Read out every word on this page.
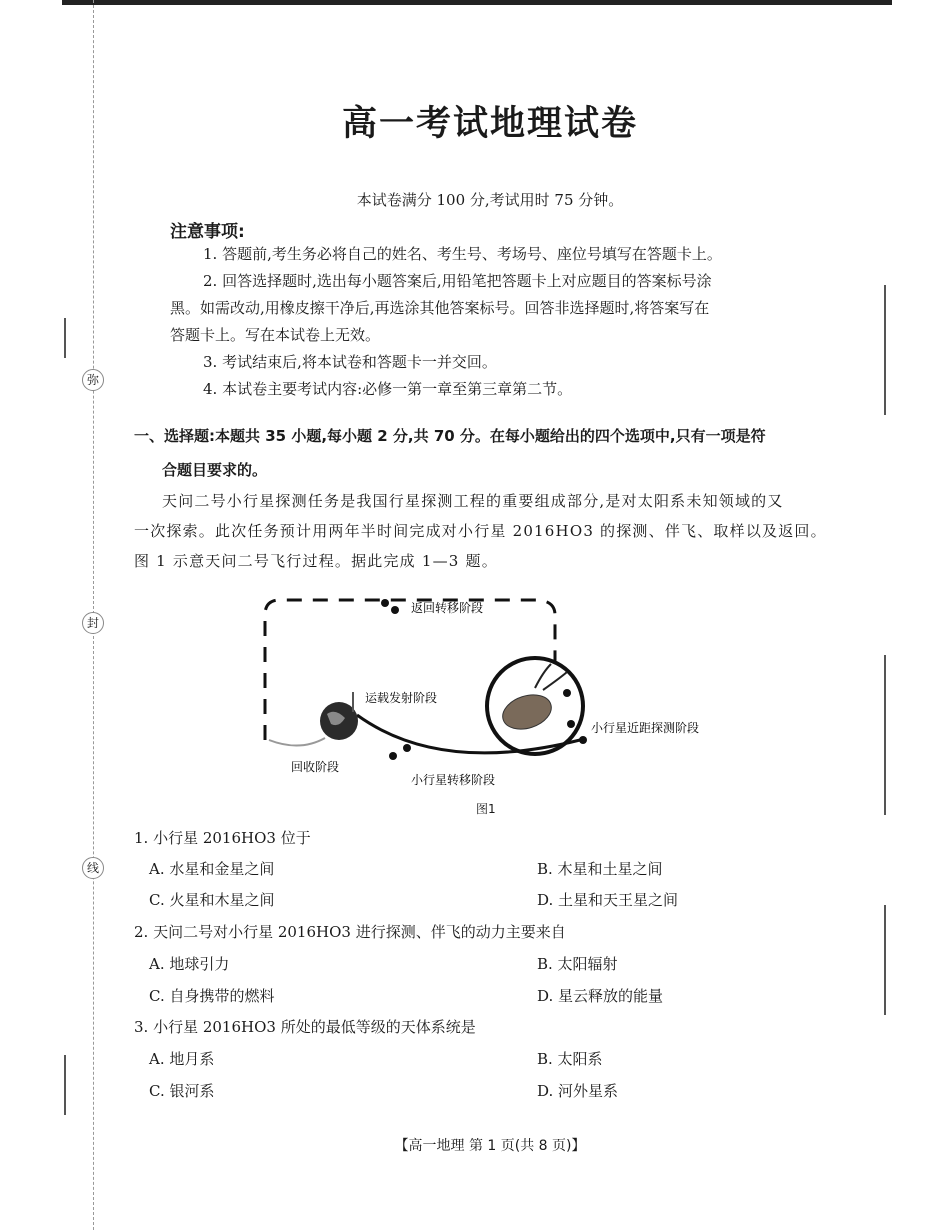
弥
封
线
高一考试地理试卷
本试卷满分 100 分,考试用时 75 分钟。
注意事项:
1. 答题前,考生务必将自己的姓名、考生号、考场号、座位号填写在答题卡上。
2. 回答选择题时,选出每小题答案后,用铅笔把答题卡上对应题目的答案标号涂
黑。如需改动,用橡皮擦干净后,再选涂其他答案标号。回答非选择题时,将答案写在
答题卡上。写在本试卷上无效。
3. 考试结束后,将本试卷和答题卡一并交回。
4. 本试卷主要考试内容:必修一第一章至第三章第二节。
一、选择题:本题共 35 小题,每小题 2 分,共 70 分。在每小题给出的四个选项中,只有一项是符
合题目要求的。
天问二号小行星探测任务是我国行星探测工程的重要组成部分,是对太阳系未知领域的又
一次探索。此次任务预计用两年半时间完成对小行星 2016HO3 的探测、伴飞、取样以及返回。
图 1 示意天问二号飞行过程。据此完成 1—3 题。
返回转移阶段
运载发射阶段
小行星近距探测阶段
回收阶段
小行星转移阶段
图1
1. 小行星 2016HO3 位于
A. 水星和金星之间	B. 木星和土星之间
C. 火星和木星之间	D. 土星和天王星之间
2. 天问二号对小行星 2016HO3 进行探测、伴飞的动力主要来自
A. 地球引力	B. 太阳辐射
C. 自身携带的燃料	D. 星云释放的能量
3. 小行星 2016HO3 所处的最低等级的天体系统是
A. 地月系	B. 太阳系
C. 银河系	D. 河外星系
【高一地理 第 1 页(共 8 页)】
